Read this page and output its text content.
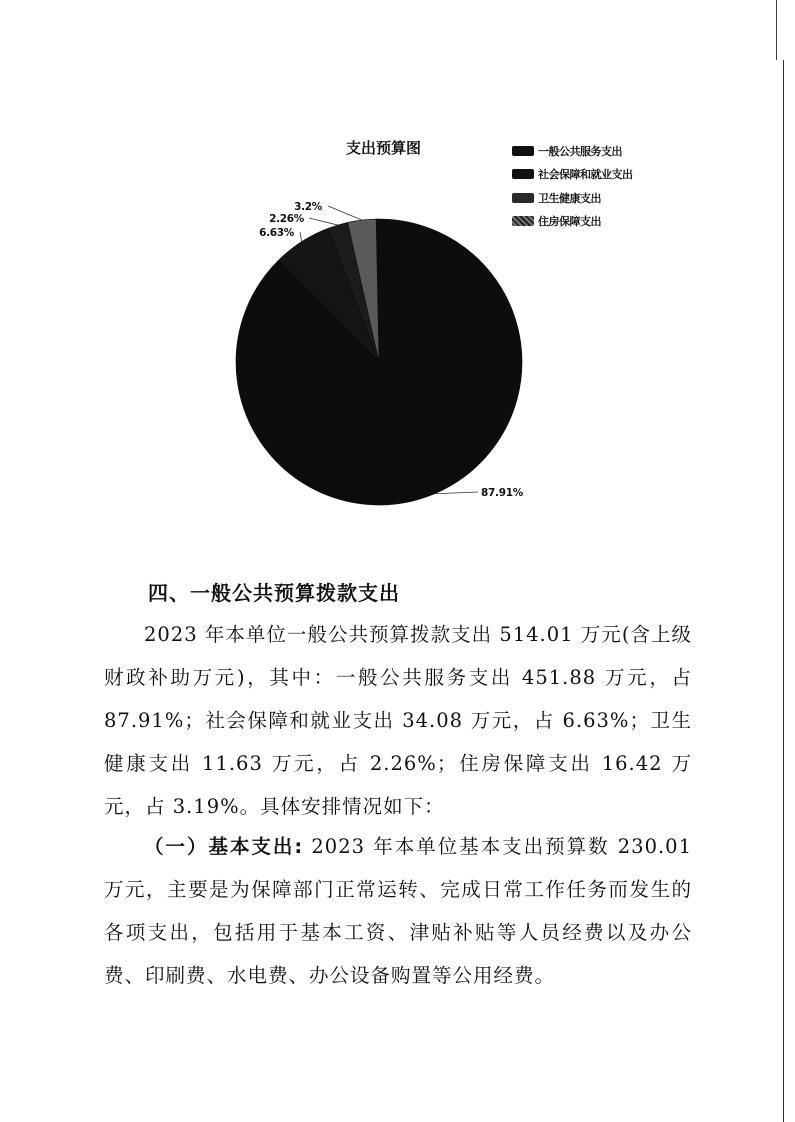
支出预算图	一般公共服务支出
社会保障和就业支出
卫生健康支出
住房保障支出
87.91%
6.63%
2.26%
3.2%
四、一般公共预算拨款支出
2023 年本单位一般公共预算拨款支出 514.01 万元(含上级财政补助万元)，其中：一般公共服务支出 451.88 万元，占 87.91%；社会保障和就业支出 34.08 万元，占 6.63%；卫生健康支出 11.63 万元，占 2.26%；住房保障支出 16.42 万元，占 3.19%。具体安排情况如下：
（一）基本支出: 2023 年本单位基本支出预算数 230.01 万元，主要是为保障部门正常运转、完成日常工作任务而发生的各项支出，包括用于基本工资、津贴补贴等人员经费以及办公费、印刷费、水电费、办公设备购置等公用经费。
